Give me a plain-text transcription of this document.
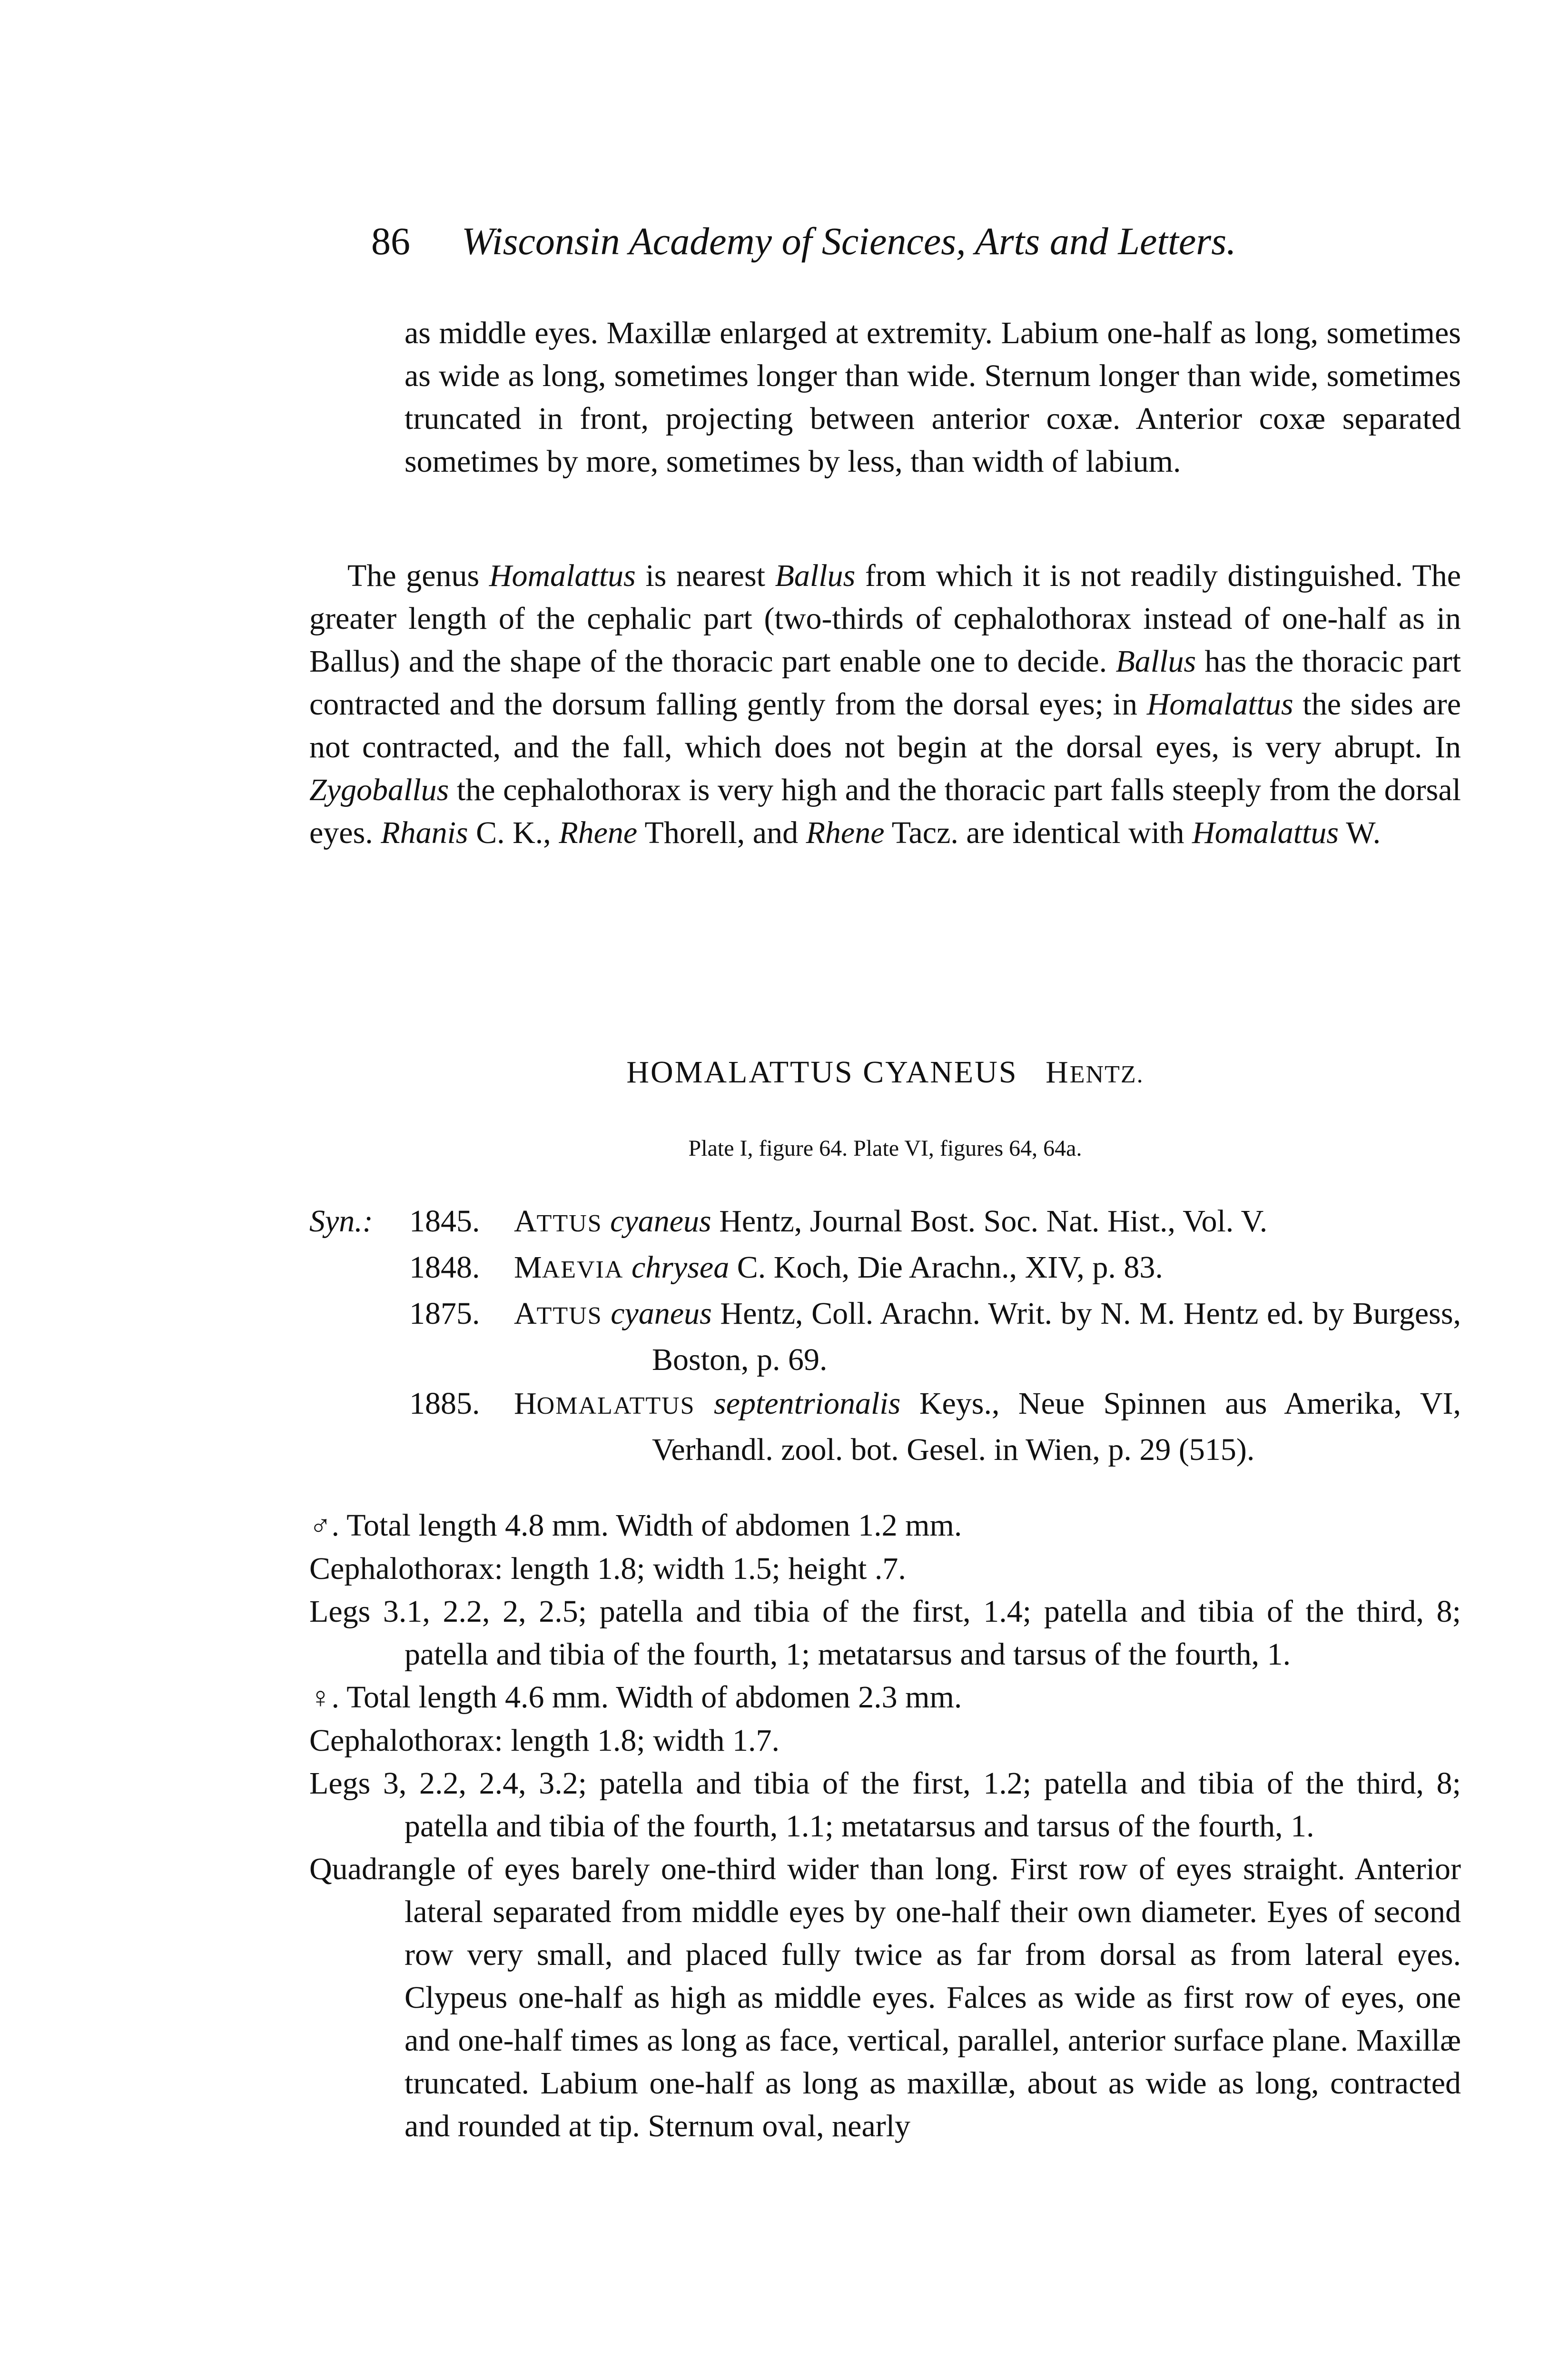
86 Wisconsin Academy of Sciences, Arts and Letters.

as middle eyes. Maxillæ enlarged at extremity. Labium one-half as long, sometimes as wide as long, sometimes longer than wide. Sternum longer than wide, sometimes truncated in front, projecting between anterior coxæ. Anterior coxæ separated sometimes by more, sometimes by less, than width of labium.

The genus Homalattus is nearest Ballus from which it is not readily distinguished. The greater length of the cephalic part (two-thirds of cephalothorax instead of one-half as in Ballus) and the shape of the thoracic part enable one to decide. Ballus has the thoracic part contracted and the dorsum falling gently from the dorsal eyes; in Homalattus the sides are not contracted, and the fall, which does not begin at the dorsal eyes, is very abrupt. In Zygoballus the cephalothorax is very high and the thoracic part falls steeply from the dorsal eyes. Rhanis C. K., Rhene Thorell, and Rhene Tacz. are identical with Homalattus W.
HOMALATTUS CYANEUS HENTZ.
Plate I, figure 64. Plate VI, figures 64, 64a.
Syn.:	1845.	ATTUS cyaneus Hentz, Journal Bost. Soc. Nat. Hist., Vol. V.
1848.	MAEVIA chrysea C. Koch, Die Arachn., XIV, p. 83.
1875.	ATTUS cyaneus Hentz, Coll. Arachn. Writ. by N. M. Hentz ed. by Burgess, Boston, p. 69.
1885.	HOMALATTUS septentrionalis Keys., Neue Spinnen aus Amerika, VI, Verhandl. zool. bot. Gesel. in Wien, p. 29 (515).

♂. Total length 4.8 mm. Width of abdomen 1.2 mm.

Cephalothorax: length 1.8; width 1.5; height .7.

Legs 3.1, 2.2, 2, 2.5; patella and tibia of the first, 1.4; patella and tibia of the third, 8; patella and tibia of the fourth, 1; metatarsus and tarsus of the fourth, 1.

♀. Total length 4.6 mm. Width of abdomen 2.3 mm.

Cephalothorax: length 1.8; width 1.7.

Legs 3, 2.2, 2.4, 3.2; patella and tibia of the first, 1.2; patella and tibia of the third, 8; patella and tibia of the fourth, 1.1; metatarsus and tarsus of the fourth, 1.

Quadrangle of eyes barely one-third wider than long. First row of eyes straight. Anterior lateral separated from middle eyes by one-half their own diameter. Eyes of second row very small, and placed fully twice as far from dorsal as from lateral eyes. Clypeus one-half as high as middle eyes. Falces as wide as first row of eyes, one and one-half times as long as face, vertical, parallel, anterior surface plane. Maxillæ truncated. Labium one-half as long as maxillæ, about as wide as long, contracted and rounded at tip. Sternum oval, nearly
